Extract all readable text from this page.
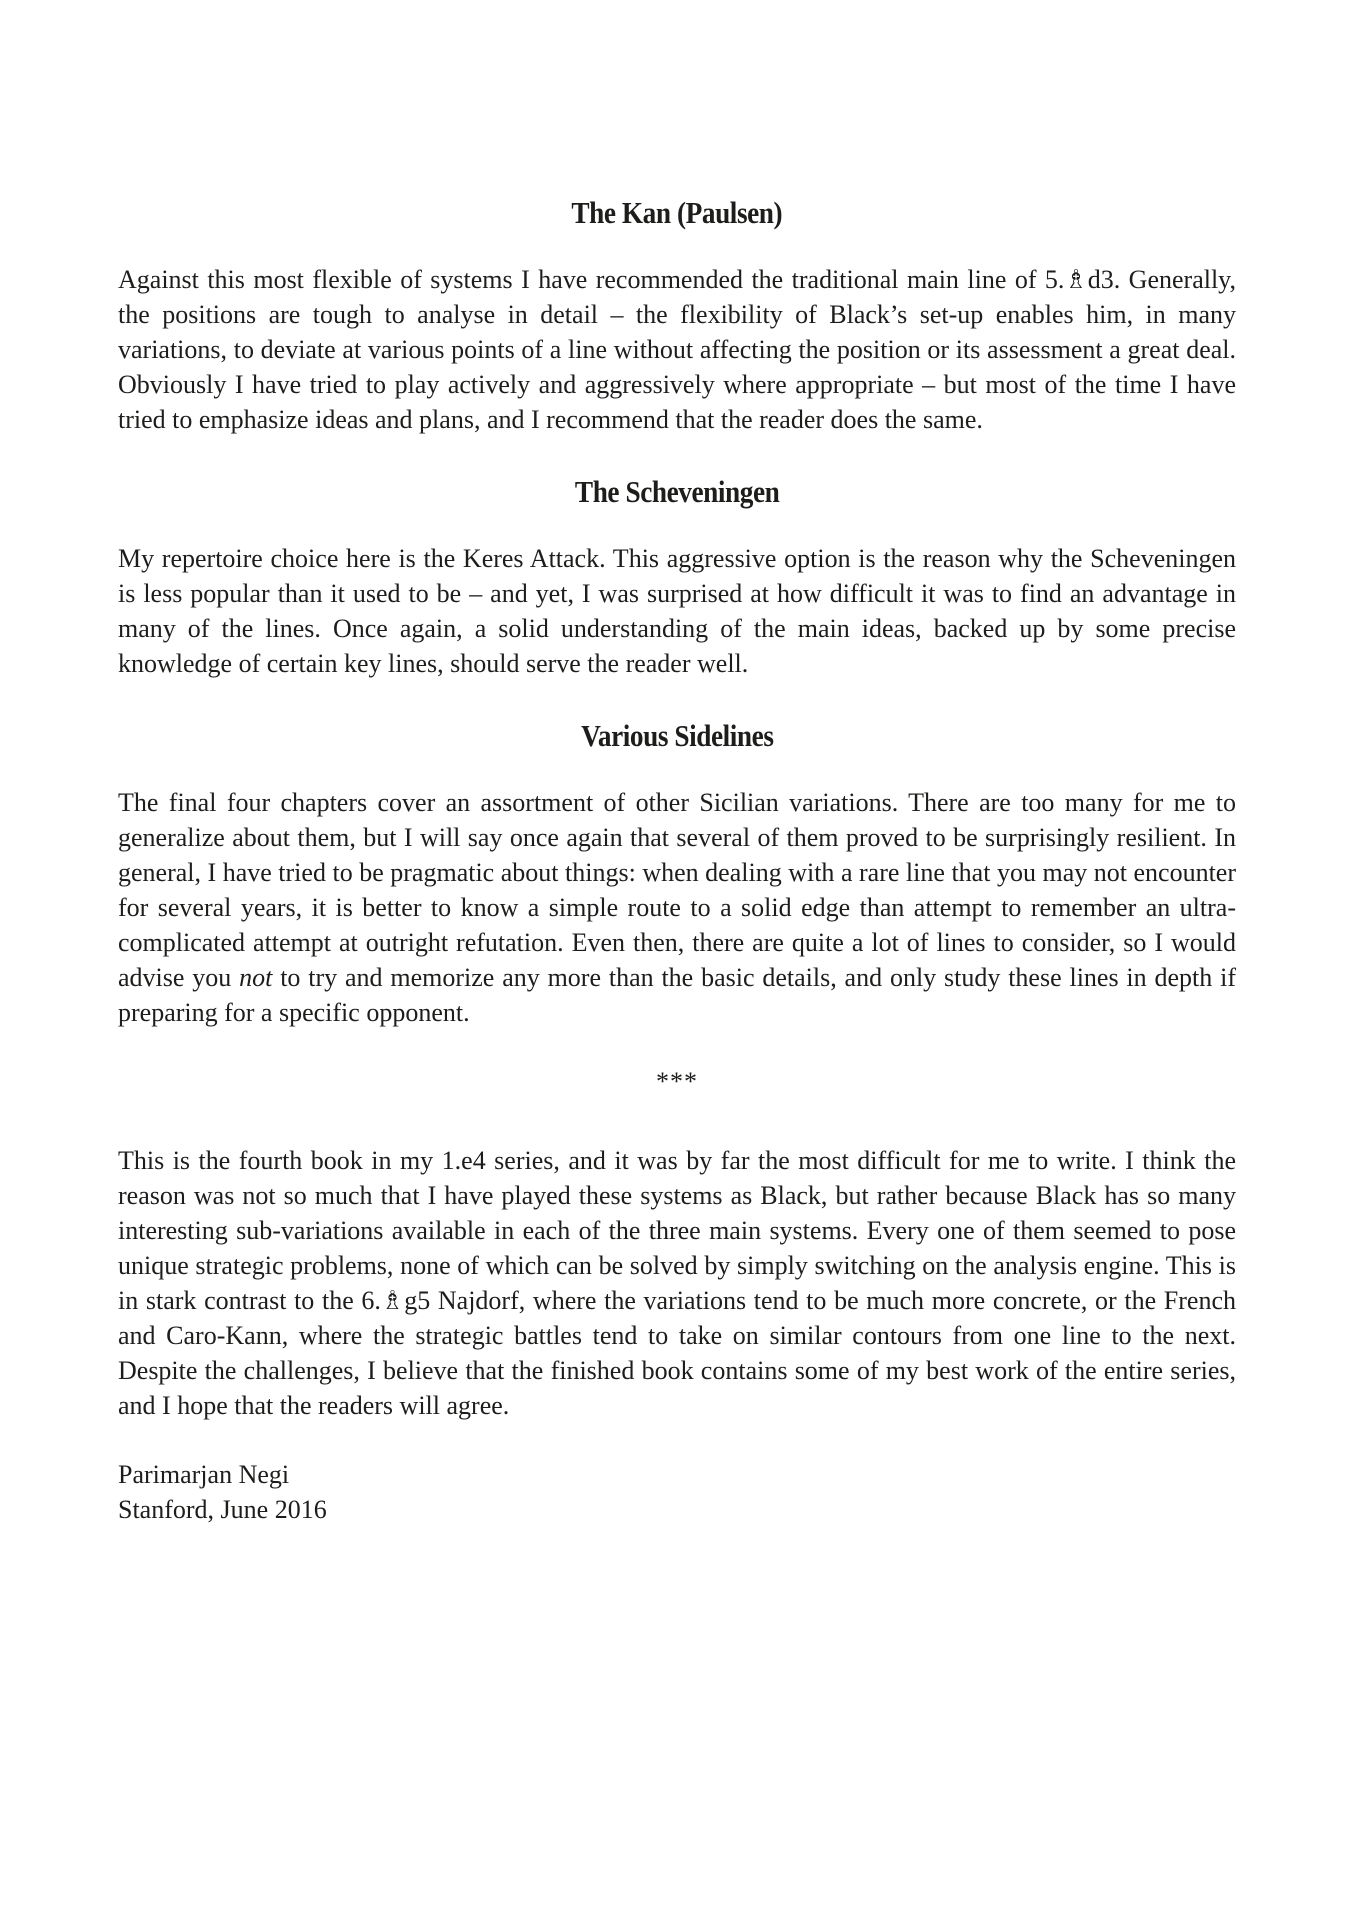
The Kan (Paulsen)

Against this most flexible of systems I have recommended the traditional main line of 5.♗d3. Generally, the positions are tough to analyse in detail – the flexibility of Black’s set-up enables him, in many variations, to deviate at various points of a line without affecting the position or its assessment a great deal. Obviously I have tried to play actively and aggressively where appropriate – but most of the time I have tried to emphasize ideas and plans, and I recommend that the reader does the same.

The Scheveningen

My repertoire choice here is the Keres Attack. This aggressive option is the reason why the Scheveningen is less popular than it used to be – and yet, I was surprised at how difficult it was to find an advantage in many of the lines. Once again, a solid understanding of the main ideas, backed up by some precise knowledge of certain key lines, should serve the reader well.

Various Sidelines

The final four chapters cover an assortment of other Sicilian variations. There are too many for me to generalize about them, but I will say once again that several of them proved to be surprisingly resilient. In general, I have tried to be pragmatic about things: when dealing with a rare line that you may not encounter for several years, it is better to know a simple route to a solid edge than attempt to remember an ultra-complicated attempt at outright refutation. Even then, there are quite a lot of lines to consider, so I would advise you not to try and memorize any more than the basic details, and only study these lines in depth if preparing for a specific opponent.

***

This is the fourth book in my 1.e4 series, and it was by far the most difficult for me to write. I think the reason was not so much that I have played these systems as Black, but rather because Black has so many interesting sub-variations available in each of the three main systems. Every one of them seemed to pose unique strategic problems, none of which can be solved by simply switching on the analysis engine. This is in stark contrast to the 6.♗g5 Najdorf, where the variations tend to be much more concrete, or the French and Caro-Kann, where the strategic battles tend to take on similar contours from one line to the next. Despite the challenges, I believe that the finished book contains some of my best work of the entire series, and I hope that the readers will agree.

Parimarjan Negi
Stanford, June 2016
